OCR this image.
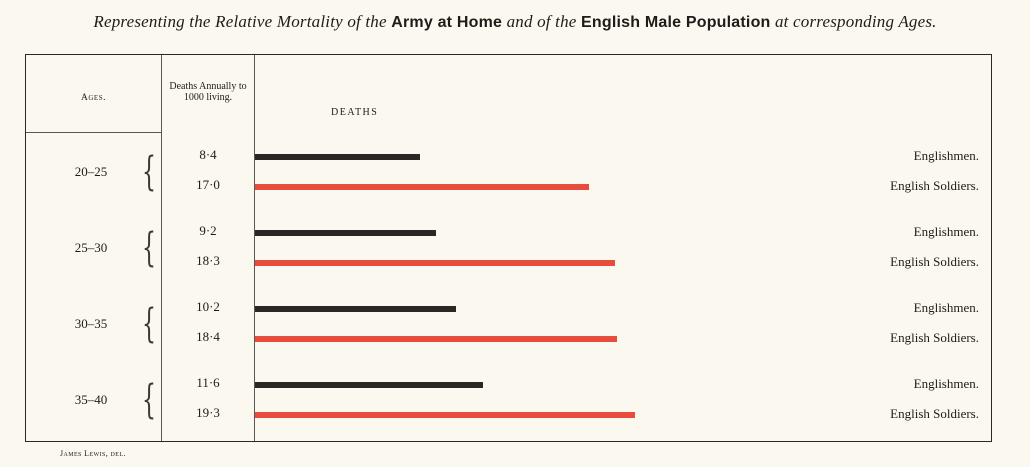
Representing the Relative Mortality of the Army at Home and of the English Male Population at corresponding Ages.
Ages.
Deaths Annually to 1000 living.
DEATHS
20–25 {	8·4	Englishmen.
17·0	English Soldiers.
25–30 {	9·2	Englishmen.
18·3	English Soldiers.
30–35 {	10·2	Englishmen.
18·4	English Soldiers.
35–40 {	11·6	Englishmen.
19·3	English Soldiers.
James Lewis, del.
